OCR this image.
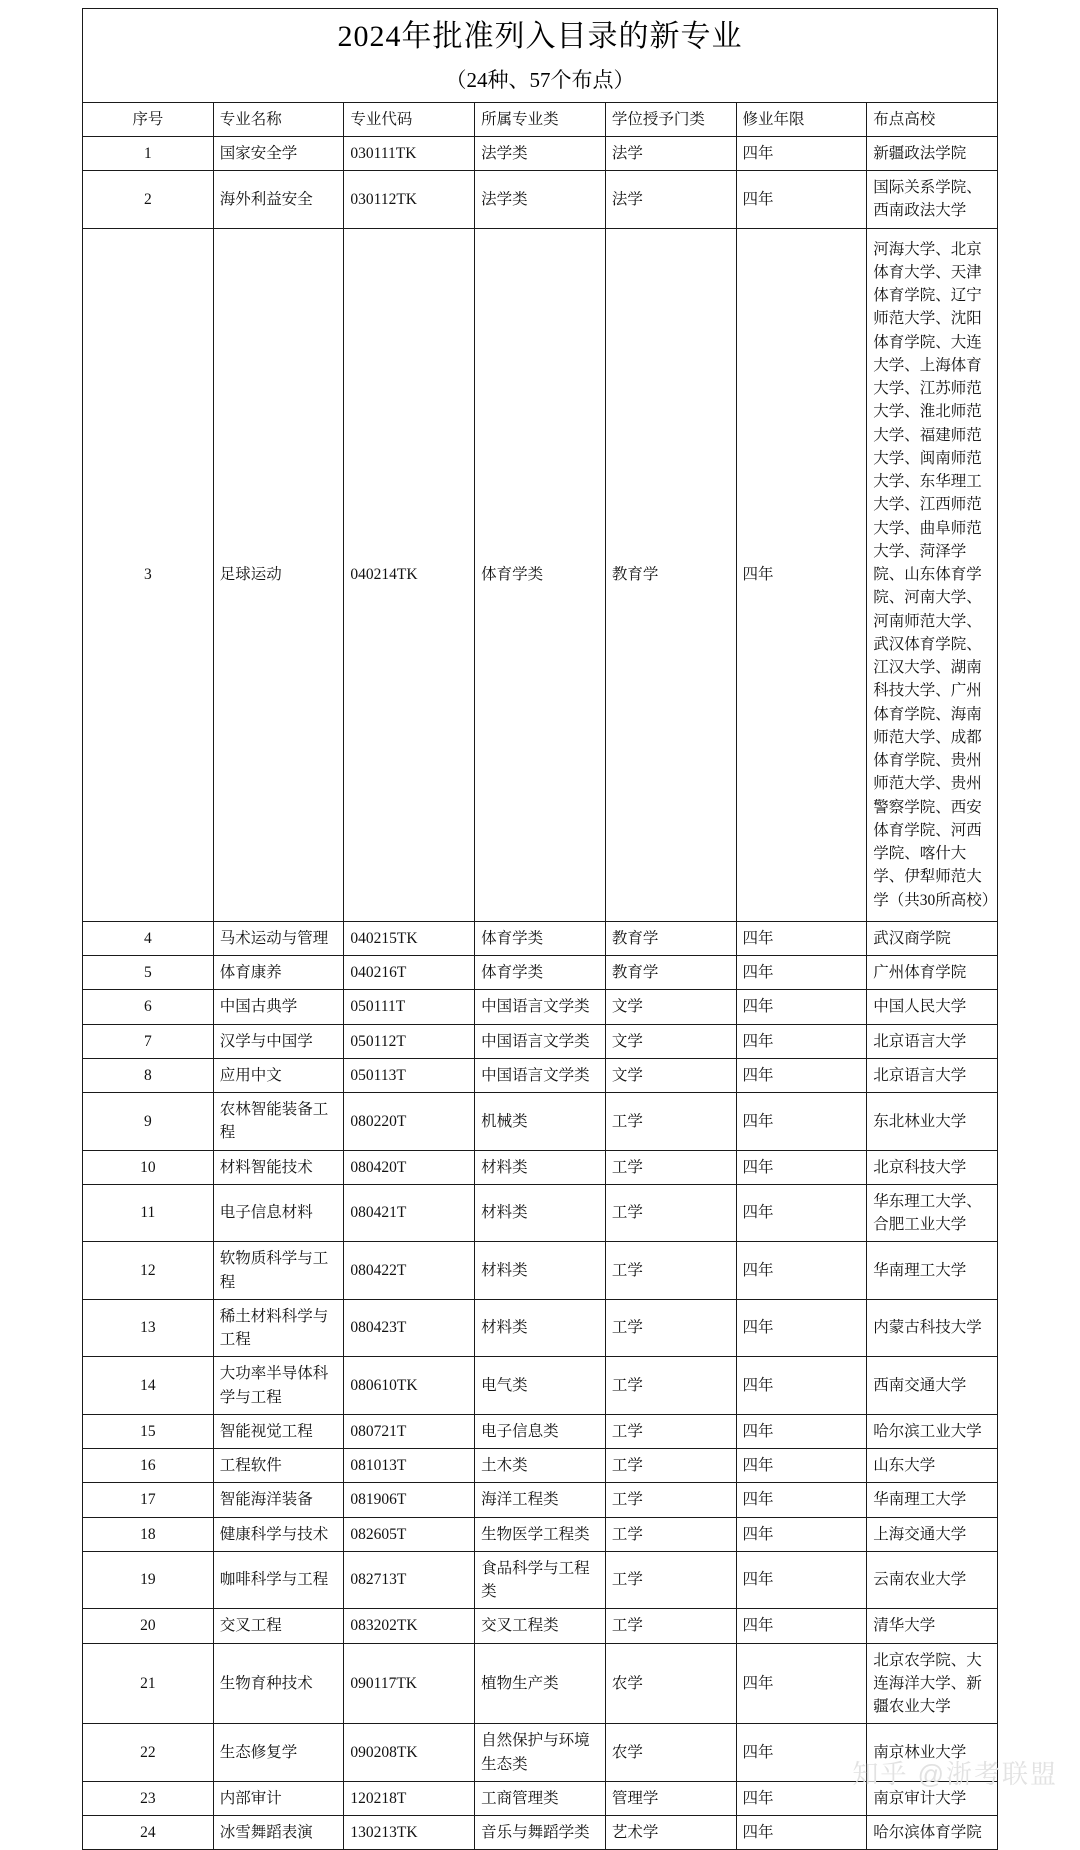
2024年批准列入目录的新专业
（24种、57个布点）						

序号	专业名称	专业代码	所属专业类	学位授予门类	修业年限	布点高校
1	国家安全学	030111TK	法学类	法学	四年	新疆政法学院
2	海外利益安全	030112TK	法学类	法学	四年	国际关系学院、西南政法大学
3	足球运动	040214TK	体育学类	教育学	四年	河海大学、北京体育大学、天津体育学院、辽宁师范大学、沈阳体育学院、大连大学、上海体育大学、江苏师范大学、淮北师范大学、福建师范大学、闽南师范大学、东华理工大学、江西师范大学、曲阜师范大学、菏泽学院、山东体育学院、河南大学、河南师范大学、武汉体育学院、江汉大学、湖南科技大学、广州体育学院、海南师范大学、成都体育学院、贵州师范大学、贵州警察学院、西安体育学院、河西学院、喀什大学、伊犁师范大学（共30所高校）
4	马术运动与管理	040215TK	体育学类	教育学	四年	武汉商学院
5	体育康养	040216T	体育学类	教育学	四年	广州体育学院
6	中国古典学	050111T	中国语言文学类	文学	四年	中国人民大学
7	汉学与中国学	050112T	中国语言文学类	文学	四年	北京语言大学
8	应用中文	050113T	中国语言文学类	文学	四年	北京语言大学
9	农林智能装备工程	080220T	机械类	工学	四年	东北林业大学
10	材料智能技术	080420T	材料类	工学	四年	北京科技大学
11	电子信息材料	080421T	材料类	工学	四年	华东理工大学、合肥工业大学
12	软物质科学与工程	080422T	材料类	工学	四年	华南理工大学
13	稀土材料科学与工程	080423T	材料类	工学	四年	内蒙古科技大学
14	大功率半导体科学与工程	080610TK	电气类	工学	四年	西南交通大学
15	智能视觉工程	080721T	电子信息类	工学	四年	哈尔滨工业大学
16	工程软件	081013T	土木类	工学	四年	山东大学
17	智能海洋装备	081906T	海洋工程类	工学	四年	华南理工大学
18	健康科学与技术	082605T	生物医学工程类	工学	四年	上海交通大学
19	咖啡科学与工程	082713T	食品科学与工程类	工学	四年	云南农业大学
20	交叉工程	083202TK	交叉工程类	工学	四年	清华大学
21	生物育种技术	090117TK	植物生产类	农学	四年	北京农学院、大连海洋大学、新疆农业大学
22	生态修复学	090208TK	自然保护与环境生态类	农学	四年	南京林业大学
23	内部审计	120218T	工商管理类	管理学	四年	南京审计大学
24	冰雪舞蹈表演	130213TK	音乐与舞蹈学类	艺术学	四年	哈尔滨体育学院
知乎 @浙考联盟
